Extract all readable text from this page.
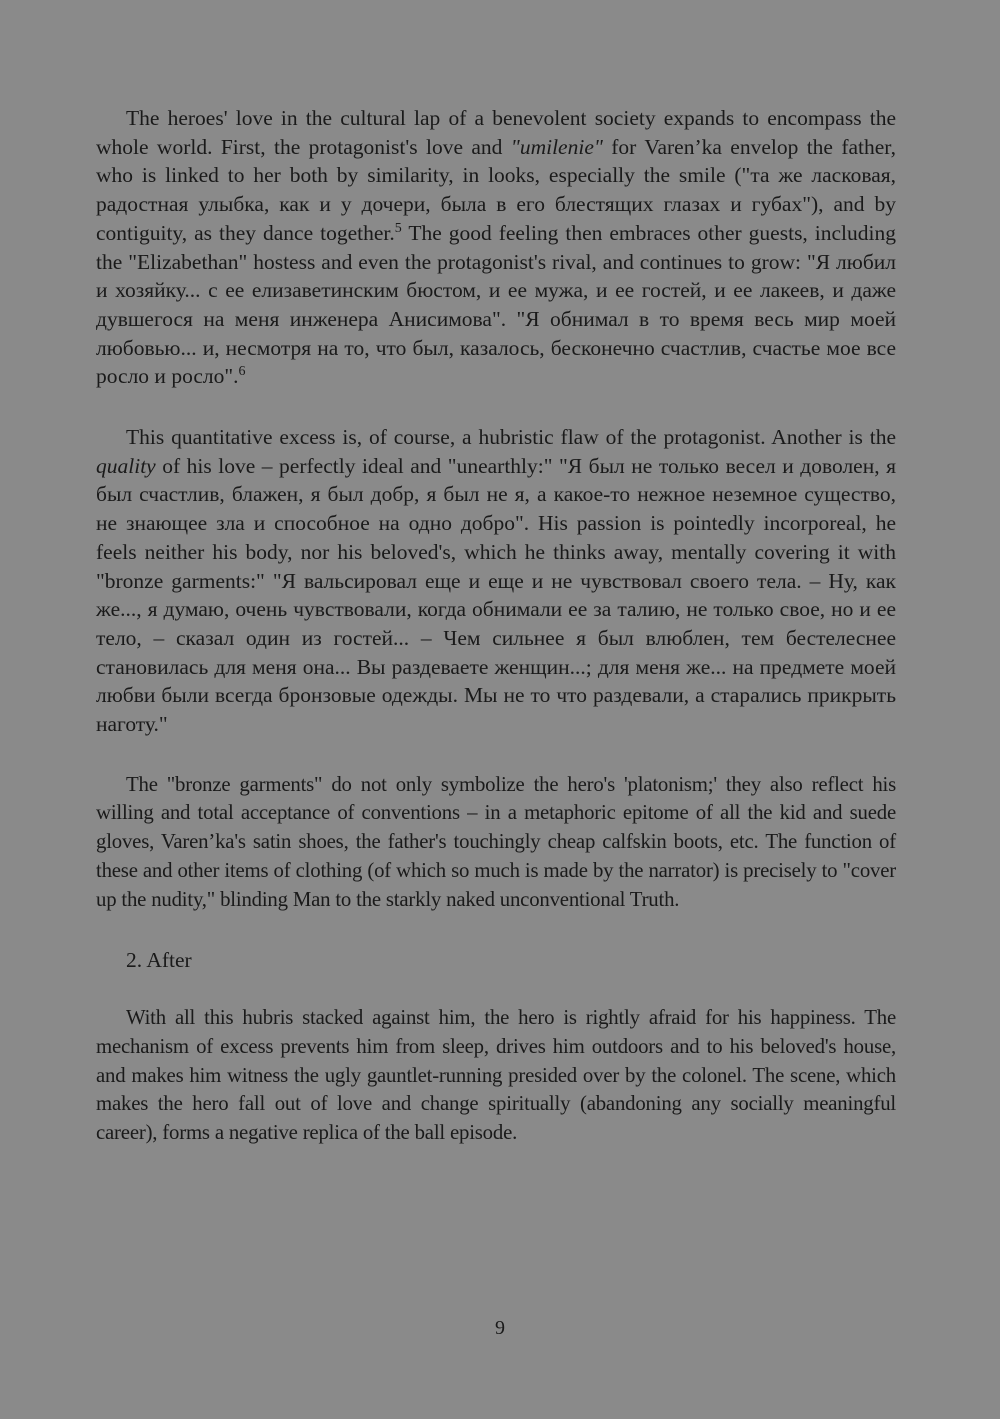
The heroes' love in the cultural lap of a benevolent society expands to encompass the whole world. First, the protagonist's love and "umilenie" for Varen’ka envelop the father, who is linked to her both by similarity, in looks, especially the smile ("та же ласковая, радостная улыбка, как и у дочери, была в его блестящих глазах и губах"), and by contiguity, as they dance together.$^5$ The good feeling then embraces other guests, including the "Elizabethan" hostess and even the protagonist's rival, and continues to grow: "Я любил и хозяйку... с ее елизаветинским бюстом, и ее мужа, и ее гостей, и ее лакеев, и даже дувшегося на меня инженера Анисимова". "Я обнимал в то время весь мир моей любовью... и, несмотря на то, что был, казалось, бесконечно счастлив, счастье мое все росло и росло".$^6$

This quantitative excess is, of course, a hubristic flaw of the protagonist. Another is the quality of his love – perfectly ideal and "unearthly:" "Я был не только весел и доволен, я был счастлив, блажен, я был добр, я был не я, а какое-то нежное неземное существо, не знающее зла и способное на одно добро". His passion is pointedly incorporeal, he feels neither his body, nor his beloved's, which he thinks away, mentally covering it with "bronze garments:" "Я вальсировал еще и еще и не чувствовал своего тела. – Ну, как же..., я думаю, очень чувствовали, когда обнимали ее за талию, не только свое, но и ее тело, – сказал один из гостей... – Чем сильнее я был влюблен, тем бестелеснее становилась для меня она... Вы раздеваете женщин...; для меня же... на предмете моей любви были всегда бронзовые одежды. Мы не то что раздевали, а старались прикрыть наготу."

The "bronze garments" do not only symbolize the hero's 'platonism;' they also reflect his willing and total acceptance of conventions – in a metaphoric epitome of all the kid and suede gloves, Varen’ka's satin shoes, the father's touchingly cheap calfskin boots, etc. The function of these and other items of clothing (of which so much is made by the narrator) is precisely to "cover up the nudity," blinding Man to the starkly naked unconventional Truth.

2. After

With all this hubris stacked against him, the hero is rightly afraid for his happiness. The mechanism of excess prevents him from sleep, drives him outdoors and to his beloved's house, and makes him witness the ugly gauntlet-running presided over by the colonel. The scene, which makes the hero fall out of love and change spiritually (abandoning any socially meaningful career), forms a negative replica of the ball episode.

9
